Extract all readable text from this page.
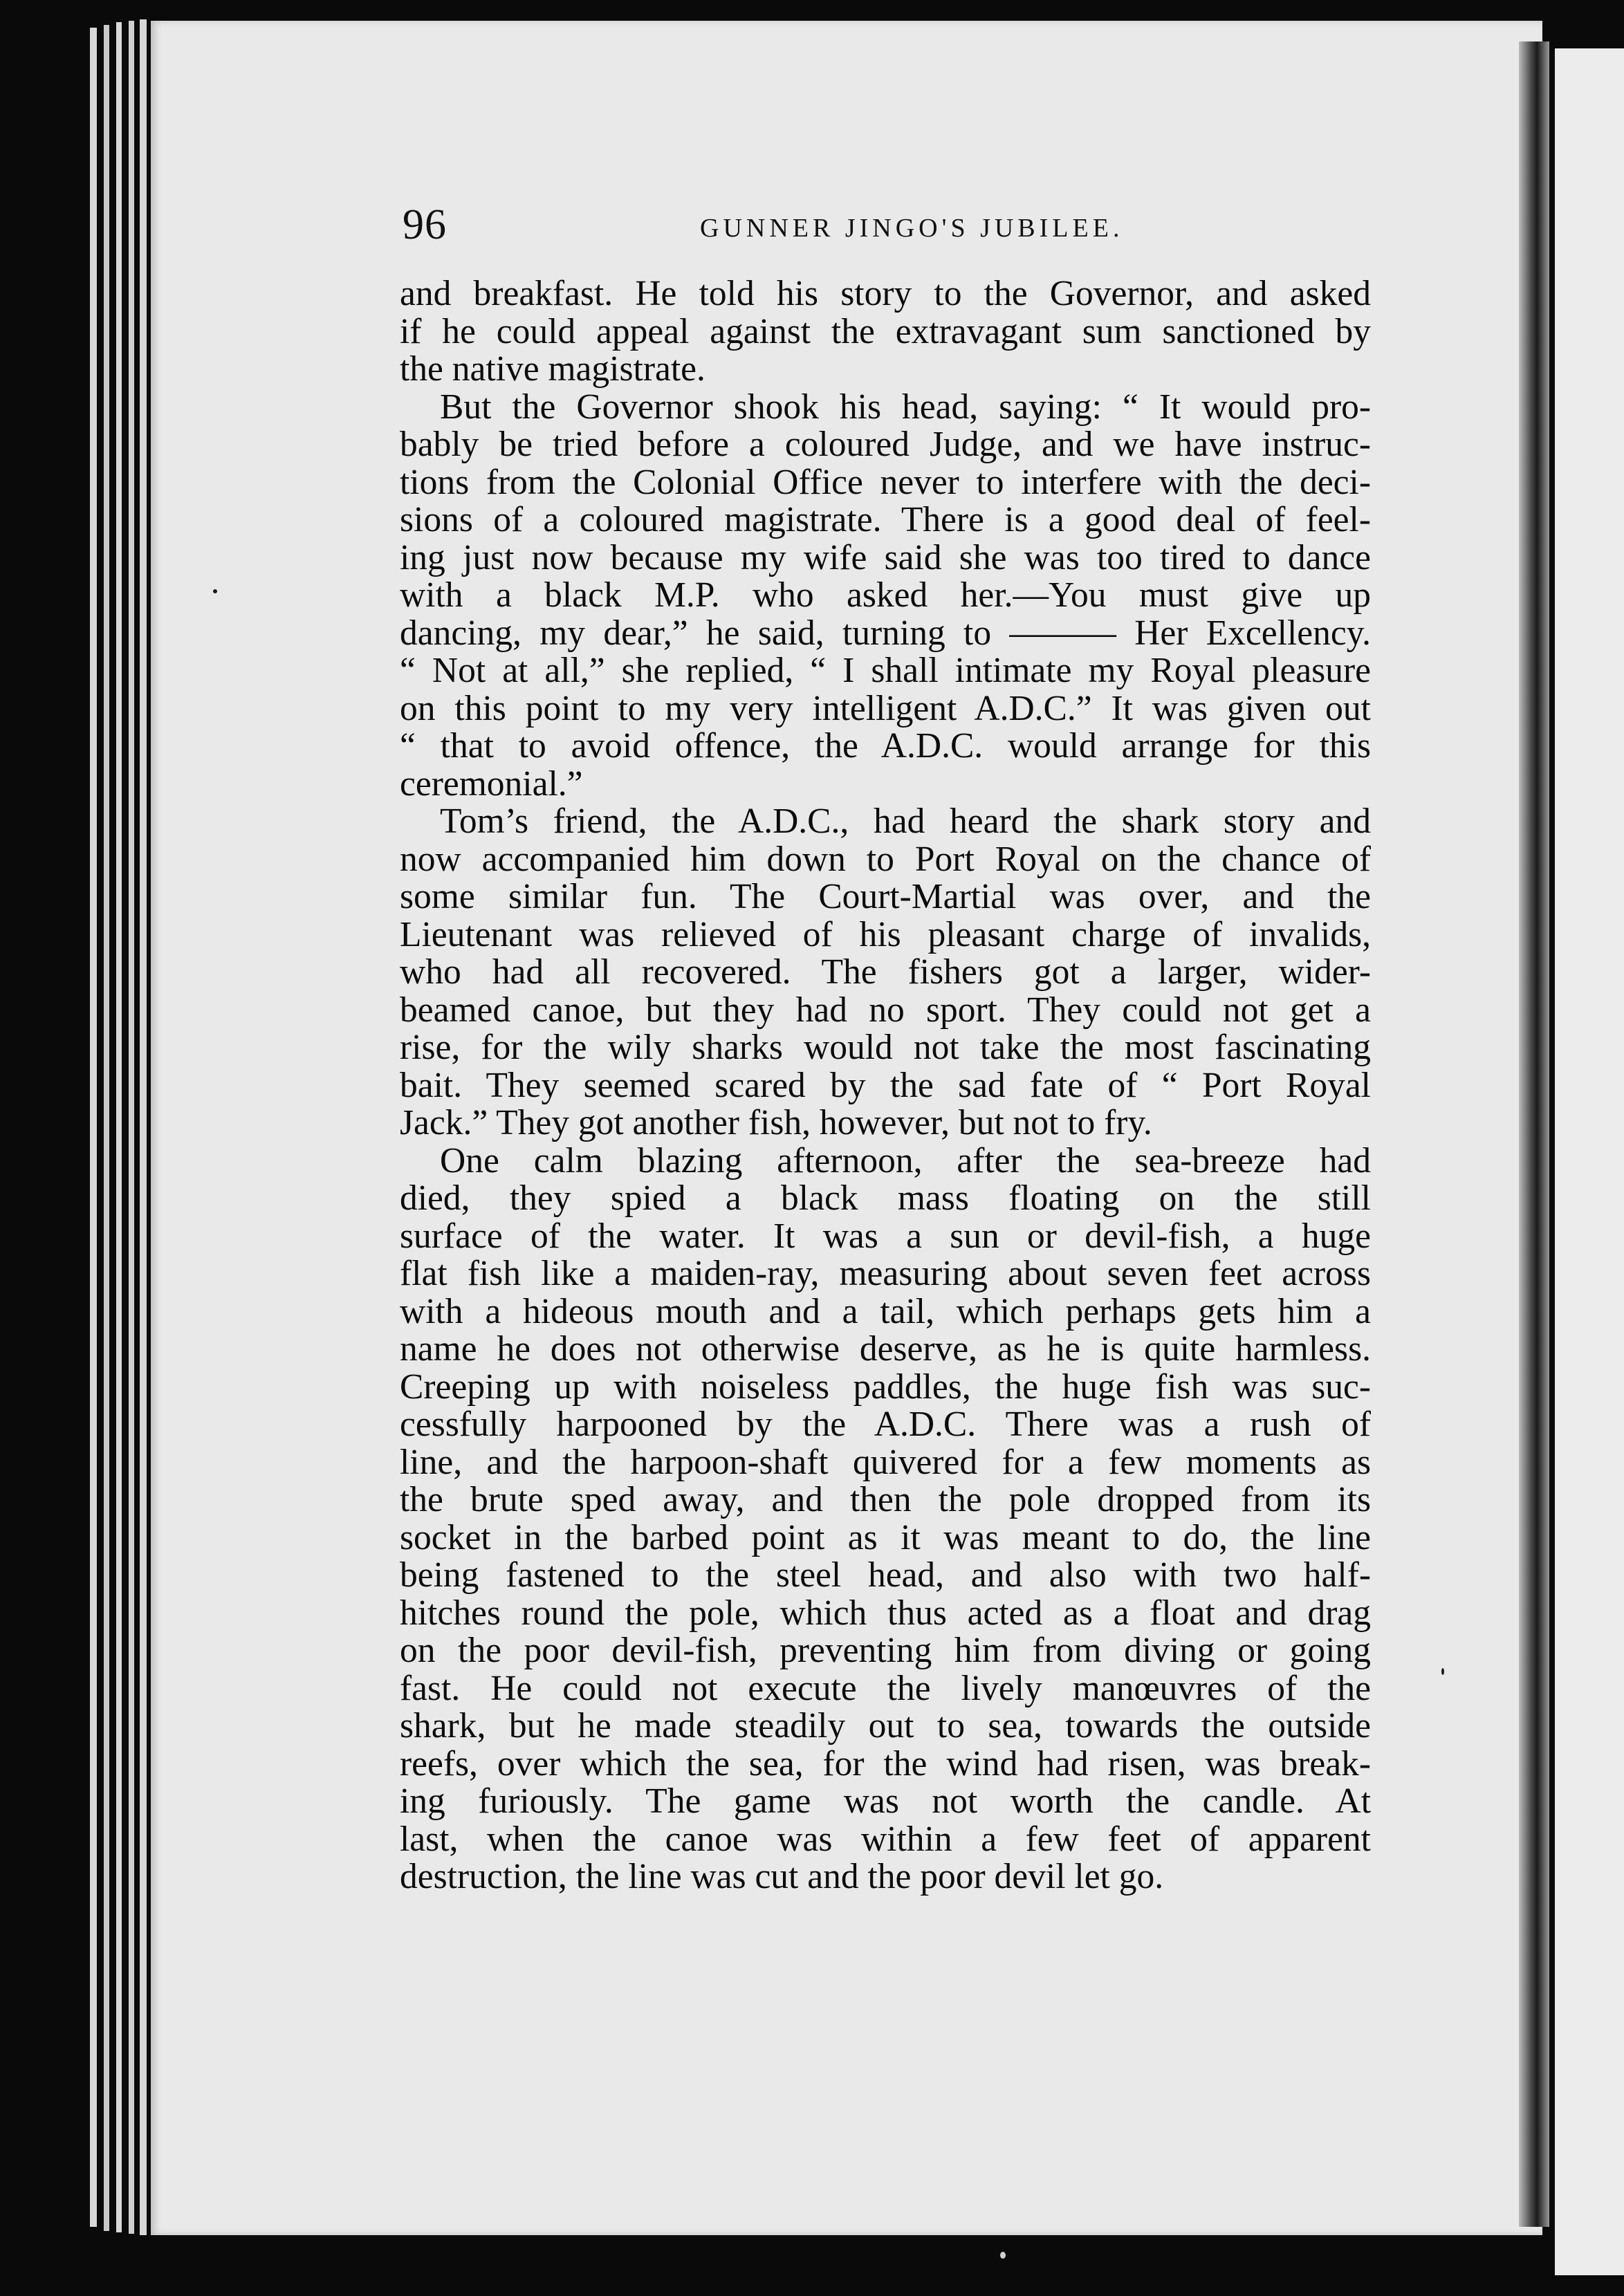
96	GUNNER JINGO'S JUBILEE.
and breakfast. He told his story to the Governor, and asked
if he could appeal against the extravagant sum sanctioned by
the native magistrate.
But the Governor shook his head, saying: “ It would pro-
bably be tried before a coloured Judge, and we have instruc-
tions from the Colonial Office never to interfere with the deci-
sions of a coloured magistrate. There is a good deal of feel-
ing just now because my wife said she was too tired to dance
with a black M.P. who asked her.—You must give up
dancing, my dear,” he said, turning to ——— Her Excellency.
“ Not at all,” she replied, “ I shall intimate my Royal pleasure
on this point to my very intelligent A.D.C.” It was given out
“ that to avoid offence, the A.D.C. would arrange for this
ceremonial.”
Tom’s friend, the A.D.C., had heard the shark story and
now accompanied him down to Port Royal on the chance of
some similar fun. The Court-Martial was over, and the
Lieutenant was relieved of his pleasant charge of invalids,
who had all recovered. The fishers got a larger, wider-
beamed canoe, but they had no sport. They could not get a
rise, for the wily sharks would not take the most fascinating
bait. They seemed scared by the sad fate of “ Port Royal
Jack.” They got another fish, however, but not to fry.
One calm blazing afternoon, after the sea-breeze had
died, they spied a black mass floating on the still
surface of the water. It was a sun or devil-fish, a huge
flat fish like a maiden-ray, measuring about seven feet across
with a hideous mouth and a tail, which perhaps gets him a
name he does not otherwise deserve, as he is quite harmless.
Creeping up with noiseless paddles, the huge fish was suc-
cessfully harpooned by the A.D.C. There was a rush of
line, and the harpoon-shaft quivered for a few moments as
the brute sped away, and then the pole dropped from its
socket in the barbed point as it was meant to do, the line
being fastened to the steel head, and also with two half-
hitches round the pole, which thus acted as a float and drag
on the poor devil-fish, preventing him from diving or going
fast. He could not execute the lively manœuvres of the
shark, but he made steadily out to sea, towards the outside
reefs, over which the sea, for the wind had risen, was break-
ing furiously. The game was not worth the candle. At
last, when the canoe was within a few feet of apparent
destruction, the line was cut and the poor devil let go.
